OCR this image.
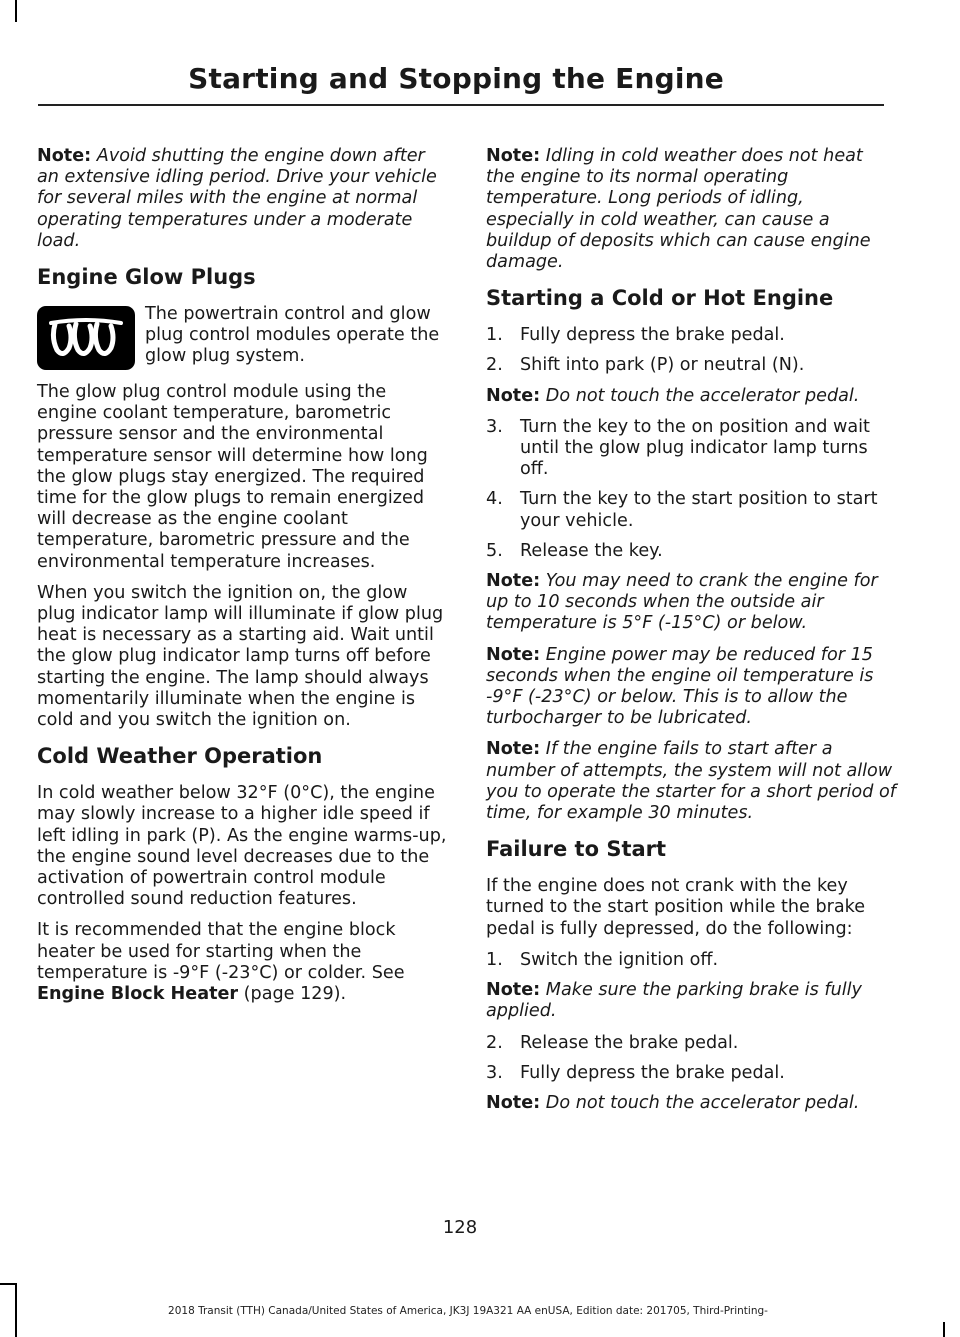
Starting and Stopping the Engine

Note: Avoid shutting the engine down after an extensive idling period. Drive your vehicle for several miles with the engine at normal operating temperatures under a moderate load.

Engine Glow Plugs

The powertrain control and glow plug control modules operate the glow plug system.

The glow plug control module using the engine coolant temperature, barometric pressure sensor and the environmental temperature sensor will determine how long the glow plugs stay energized. The required time for the glow plugs to remain energized will decrease as the engine coolant temperature, barometric pressure and the environmental temperature increases.

When you switch the ignition on, the glow plug indicator lamp will illuminate if glow plug heat is necessary as a starting aid. Wait until the glow plug indicator lamp turns off before starting the engine. The lamp should always momentarily illuminate when the engine is cold and you switch the ignition on.

Cold Weather Operation

In cold weather below 32°F (0°C), the engine may slowly increase to a higher idle speed if left idling in park (P). As the engine warms-up, the engine sound level decreases due to the activation of powertrain control module controlled sound reduction features.

It is recommended that the engine block heater be used for starting when the temperature is -9°F (-23°C) or colder. See Engine Block Heater (page 129).

Note: Idling in cold weather does not heat the engine to its normal operating temperature. Long periods of idling, especially in cold weather, can cause a buildup of deposits which can cause engine damage.

Starting a Cold or Hot Engine
1. Fully depress the brake pedal.
2. Shift into park (P) or neutral (N).

Note: Do not touch the accelerator pedal.

3. Turn the key to the on position and wait until the glow plug indicator lamp turns off.
4. Turn the key to the start position to start your vehicle.
5. Release the key.

Note: You may need to crank the engine for up to 10 seconds when the outside air temperature is 5°F (-15°C) or below.

Note: Engine power may be reduced for 15 seconds when the engine oil temperature is -9°F (-23°C) or below. This is to allow the turbocharger to be lubricated.

Note: If the engine fails to start after a number of attempts, the system will not allow you to operate the starter for a short period of time, for example 30 minutes.

Failure to Start

If the engine does not crank with the key turned to the start position while the brake pedal is fully depressed, do the following:

1. Switch the ignition off.

Note: Make sure the parking brake is fully applied.

2. Release the brake pedal.
3. Fully depress the brake pedal.

Note: Do not touch the accelerator pedal.

128
2018 Transit (TTH) Canada/United States of America, JK3J 19A321 AA enUSA, Edition date: 201705, Third-Printing-
